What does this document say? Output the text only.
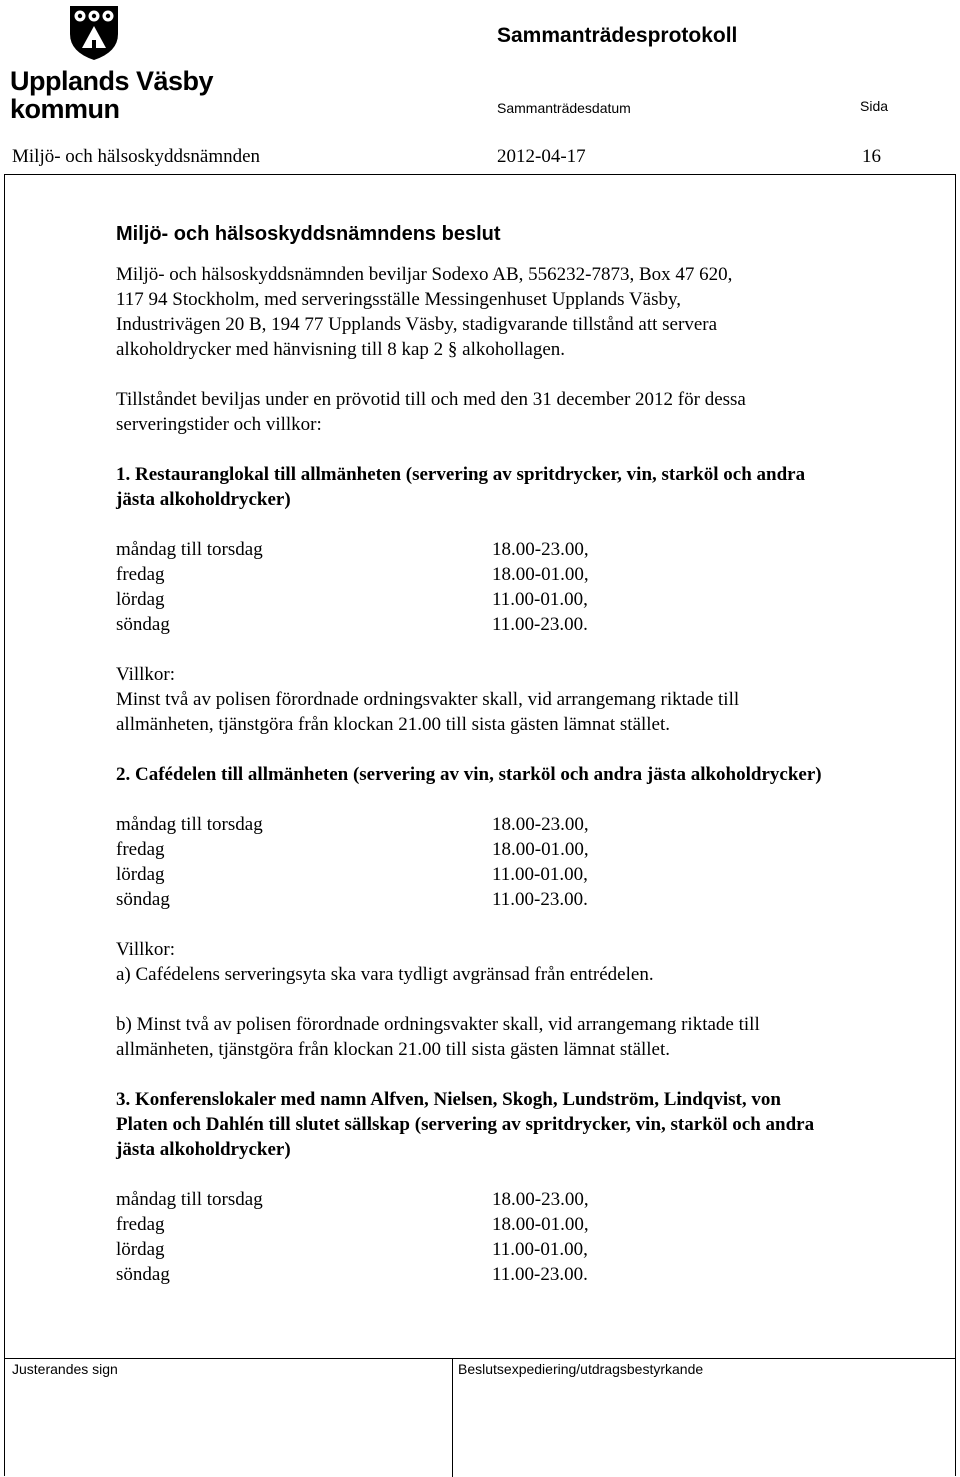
Upplands Väsby
kommun
Sammanträdesprotokoll
Sammanträdesdatum	Sida
Miljö- och hälsoskyddsnämnden	2012-04-17	16
Justerandes sign	Beslutsexpediering/utdragsbestyrkande
Miljö- och hälsoskyddsnämndens beslut
Miljö- och hälsoskyddsnämnden beviljar Sodexo AB, 556232-7873, Box 47 620,
117 94 Stockholm, med serveringsställe Messingenhuset Upplands Väsby,
Industrivägen 20 B, 194 77 Upplands Väsby, stadigvarande tillstånd att servera
alkoholdrycker med hänvisning till 8 kap 2 § alkohollagen.
Tillståndet beviljas under en prövotid till och med den 31 december 2012 för dessa
serveringstider och villkor:
1. Restauranglokal till allmänheten (servering av spritdrycker, vin, starköl och andra
jästa alkoholdrycker)
måndag till torsdag	18.00-23.00,
fredag	18.00-01.00,
lördag	11.00-01.00,
söndag	11.00-23.00.
Villkor:
Minst två av polisen förordnade ordningsvakter skall, vid arrangemang riktade till
allmänheten, tjänstgöra från klockan 21.00 till sista gästen lämnat stället.
2. Cafédelen till allmänheten (servering av vin, starköl och andra jästa alkoholdrycker)
måndag till torsdag	18.00-23.00,
fredag	18.00-01.00,
lördag	11.00-01.00,
söndag	11.00-23.00.
Villkor:
a) Cafédelens serveringsyta ska vara tydligt avgränsad från entrédelen.
b) Minst två av polisen förordnade ordningsvakter skall, vid arrangemang riktade till
allmänheten, tjänstgöra från klockan 21.00 till sista gästen lämnat stället.
3. Konferenslokaler med namn Alfven, Nielsen, Skogh, Lundström, Lindqvist, von
Platen och Dahlén till slutet sällskap (servering av spritdrycker, vin, starköl och andra
jästa alkoholdrycker)
måndag till torsdag	18.00-23.00,
fredag	18.00-01.00,
lördag	11.00-01.00,
söndag	11.00-23.00.
